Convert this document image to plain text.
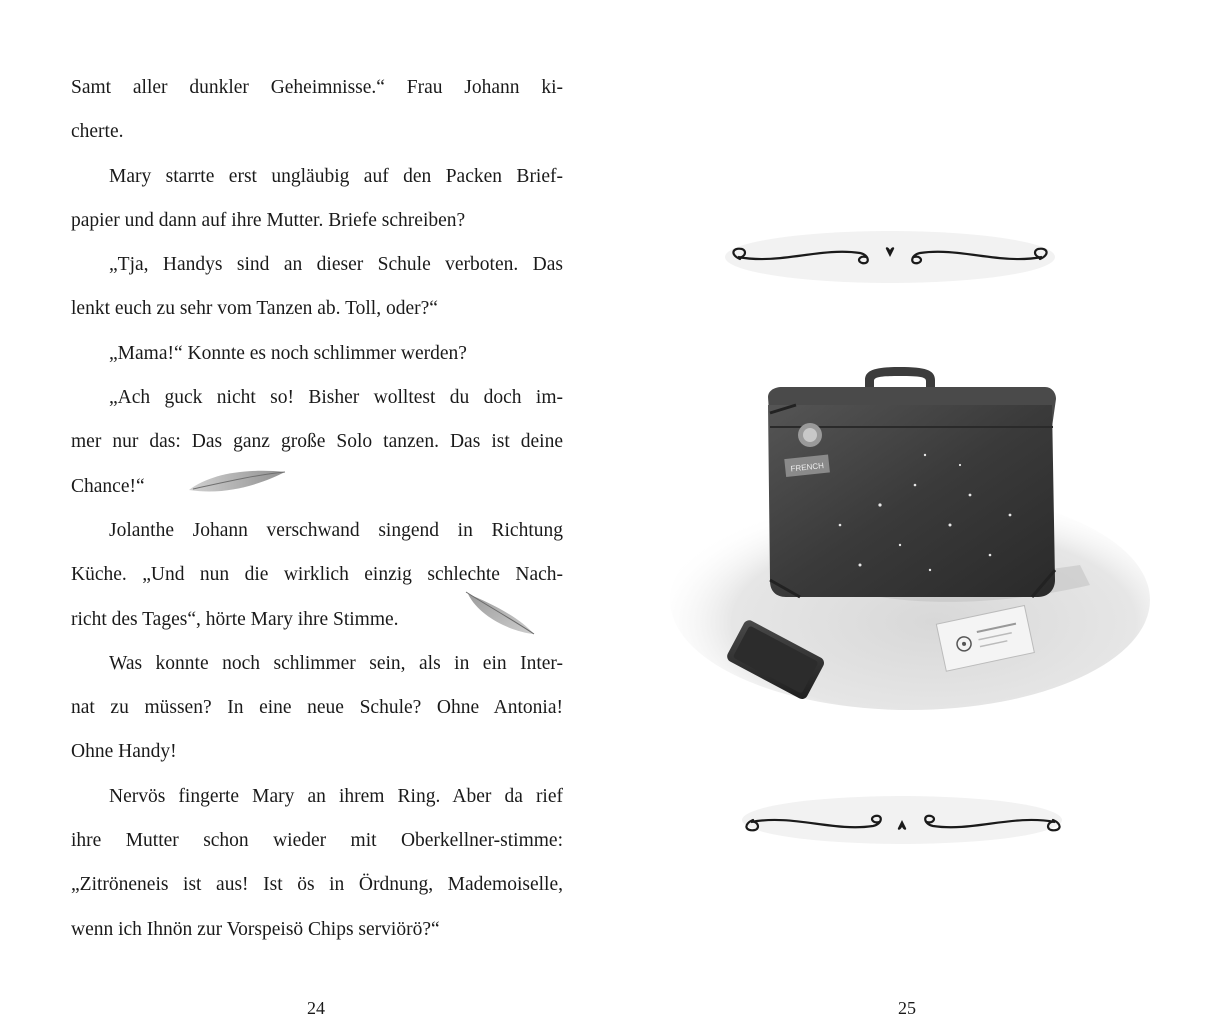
Samt aller dunkler Geheimnisse.“ Frau Johann ki-
cherte.
Mary starrte erst ungläubig auf den Packen Brief-
papier und dann auf ihre Mutter. Briefe schreiben?
„Tja, Handys sind an dieser Schule verboten. Das
lenkt euch zu sehr vom Tanzen ab. Toll, oder?“
„Mama!“ Konnte es noch schlimmer werden?
„Ach guck nicht so! Bisher wolltest du doch im-
mer nur das: Das ganz große Solo tanzen. Das ist deine
Chance!“
Jolanthe Johann verschwand singend in Richtung
Küche. „Und nun die wirklich einzig schlechte Nach-
richt des Tages“, hörte Mary ihre Stimme.
Was konnte noch schlimmer sein, als in ein Inter-
nat zu müssen? In eine neue Schule? Ohne Antonia!
Ohne Handy!
Nervös fingerte Mary an ihrem Ring. Aber da rief
ihre Mutter schon wieder mit Oberkellner-stimme:
„Zitröneneis ist aus! Ist ös in Ördnung, Mademoiselle,
wenn ich Ihnön zur Vorspeisö Chips serviörö?“
24
FRENCH
25
